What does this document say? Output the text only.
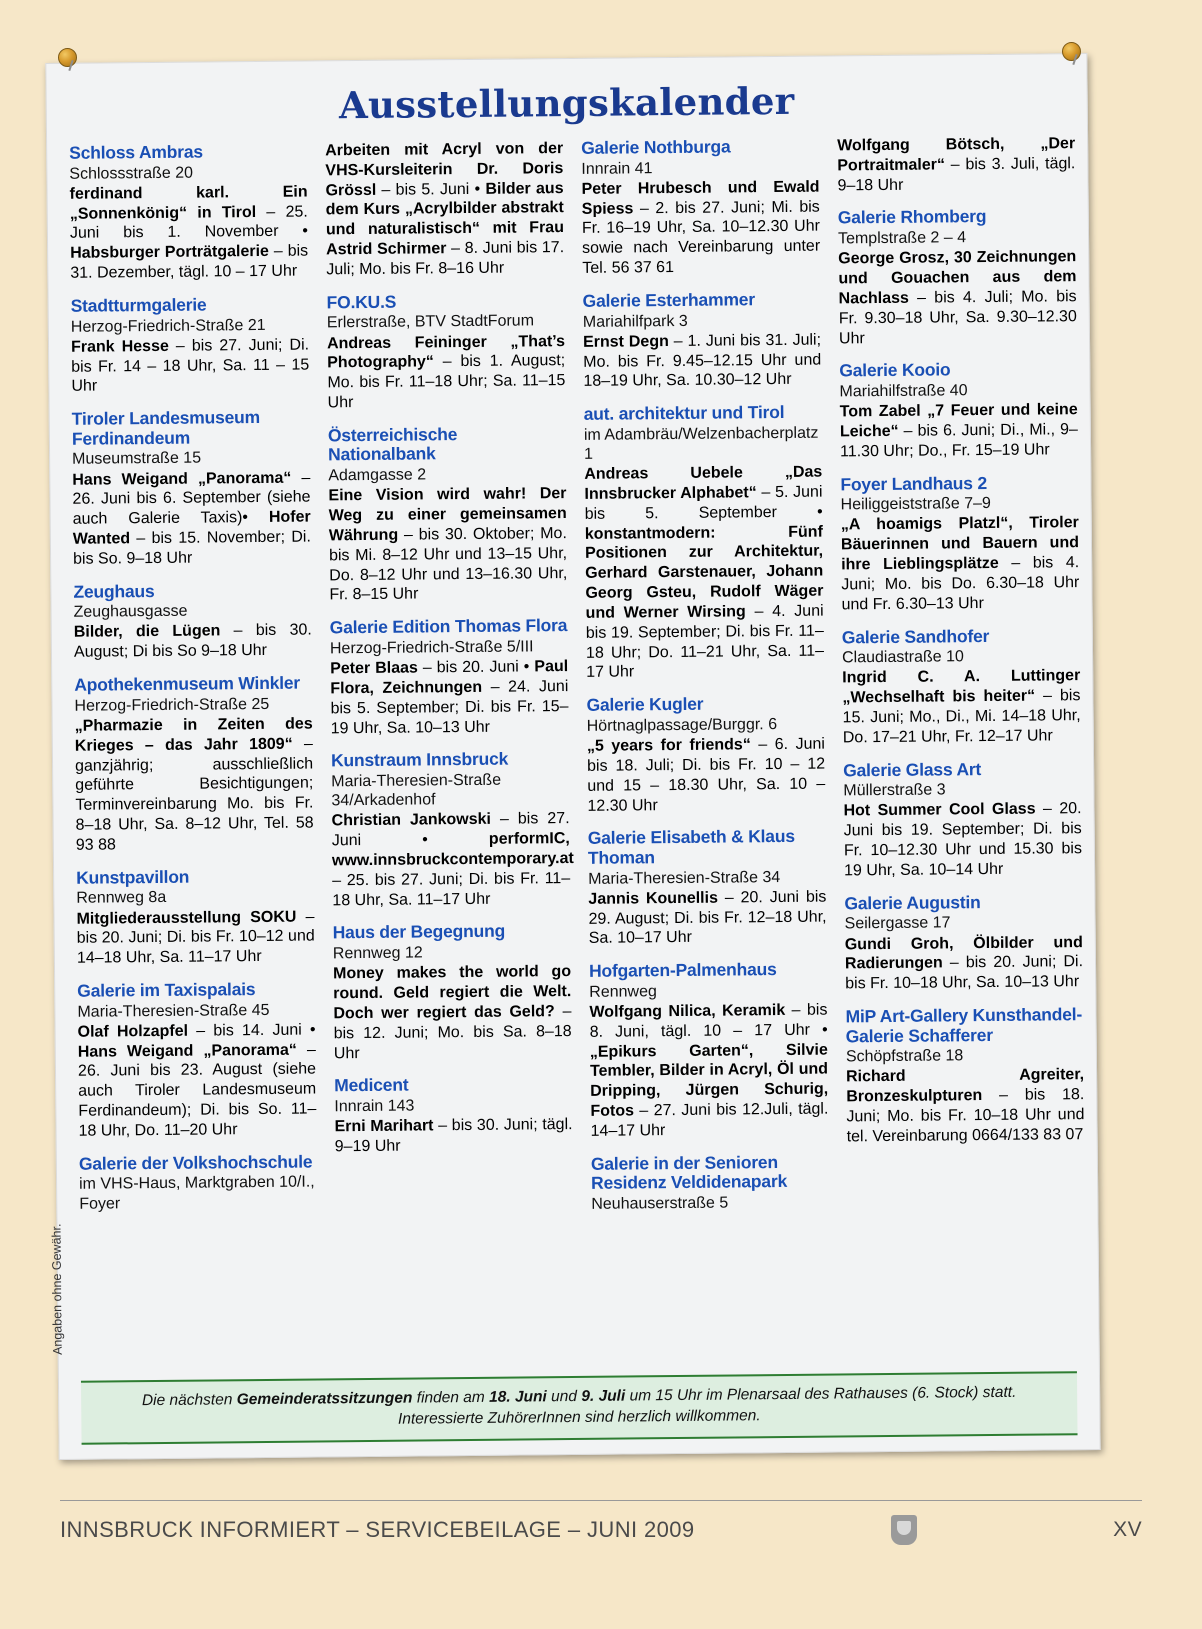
Ausstellungskalender
Schloss Ambras
Schlossstraße 20
ferdinand karl. Ein „Sonnenkönig“ in Tirol – 25. Juni bis 1. November • Habsburger Porträtgalerie – bis 31. Dezember, tägl. 10 – 17 Uhr
Stadtturmgalerie
Herzog-Friedrich-Straße 21
Frank Hesse – bis 27. Juni; Di. bis Fr. 14 – 18 Uhr, Sa. 11 – 15 Uhr
Tiroler Landesmuseum Ferdinandeum
Museumstraße 15
Hans Weigand „Panorama“ – 26. Juni bis 6. September (siehe auch Galerie Taxis)• Hofer Wanted – bis 15. November; Di. bis So. 9–18 Uhr
Zeughaus
Zeughausgasse
Bilder, die Lügen – bis 30. August; Di bis So 9–18 Uhr
Apothekenmuseum Winkler
Herzog-Friedrich-Straße 25
„Pharmazie in Zeiten des Krieges – das Jahr 1809“ – ganzjährig; ausschließlich geführte Besichtigungen; Terminvereinbarung Mo. bis Fr. 8–18 Uhr, Sa. 8–12 Uhr, Tel. 58 93 88
Kunstpavillon
Rennweg 8a
Mitgliederausstellung SOKU – bis 20. Juni; Di. bis Fr. 10–12 und 14–18 Uhr, Sa. 11–17 Uhr
Galerie im Taxispalais
Maria-Theresien-Straße 45
Olaf Holzapfel – bis 14. Juni • Hans Weigand „Panorama“ – 26. Juni bis 23. August (siehe auch Tiroler Landesmuseum Ferdinandeum); Di. bis So. 11–18 Uhr, Do. 11–20 Uhr
Galerie der Volkshochschule
im VHS-Haus, Marktgraben 10/I., Foyer
Arbeiten mit Acryl von der VHS-Kursleiterin Dr. Doris Grössl – bis 5. Juni • Bilder aus dem Kurs „Acrylbilder abstrakt und naturalistisch“ mit Frau Astrid Schirmer – 8. Juni bis 17. Juli; Mo. bis Fr. 8–16 Uhr
FO.KU.S
Erlerstraße, BTV StadtForum
Andreas Feininger „That’s Photography“ – bis 1. August; Mo. bis Fr. 11–18 Uhr; Sa. 11–15 Uhr
Österreichische Nationalbank
Adamgasse 2
Eine Vision wird wahr! Der Weg zu einer gemeinsamen Währung – bis 30. Oktober; Mo. bis Mi. 8–12 Uhr und 13–15 Uhr, Do. 8–12 Uhr und 13–16.30 Uhr, Fr. 8–15 Uhr
Galerie Edition Thomas Flora
Herzog-Friedrich-Straße 5/III
Peter Blaas – bis 20. Juni • Paul Flora, Zeichnungen – 24. Juni bis 5. September; Di. bis Fr. 15–19 Uhr, Sa. 10–13 Uhr
Kunstraum Innsbruck
Maria-Theresien-Straße 34/Arkadenhof
Christian Jankowski – bis 27. Juni • performIC, www.innsbruckcontemporary.at – 25. bis 27. Juni; Di. bis Fr. 11–18 Uhr, Sa. 11–17 Uhr
Haus der Begegnung
Rennweg 12
Money makes the world go round. Geld regiert die Welt. Doch wer regiert das Geld? – bis 12. Juni; Mo. bis Sa. 8–18 Uhr
Medicent
Innrain 143
Erni Marihart – bis 30. Juni; tägl. 9–19 Uhr
Galerie Nothburga
Innrain 41
Peter Hrubesch und Ewald Spiess – 2. bis 27. Juni; Mi. bis Fr. 16–19 Uhr, Sa. 10–12.30 Uhr sowie nach Vereinbarung unter Tel. 56 37 61
Galerie Esterhammer
Mariahilfpark 3
Ernst Degn – 1. Juni bis 31. Juli; Mo. bis Fr. 9.45–12.15 Uhr und 18–19 Uhr, Sa. 10.30–12 Uhr
aut. architektur und Tirol
im Adambräu/Welzenbacherplatz 1
Andreas Uebele „Das Innsbrucker Alphabet“ – 5. Juni bis 5. September • konstantmodern: Fünf Positionen zur Architektur, Gerhard Garstenauer, Johann Georg Gsteu, Rudolf Wäger und Werner Wirsing – 4. Juni bis 19. September; Di. bis Fr. 11–18 Uhr; Do. 11–21 Uhr, Sa. 11–17 Uhr
Galerie Kugler
Hörtnaglpassage/Burggr. 6
„5 years for friends“ – 6. Juni bis 18. Juli; Di. bis Fr. 10 – 12 und 15 – 18.30 Uhr, Sa. 10 – 12.30 Uhr
Galerie Elisabeth & Klaus Thoman
Maria-Theresien-Straße 34
Jannis Kounellis – 20. Juni bis 29. August; Di. bis Fr. 12–18 Uhr, Sa. 10–17 Uhr
Hofgarten-Palmenhaus
Rennweg
Wolfgang Nilica, Keramik – bis 8. Juni, tägl. 10 – 17 Uhr • „Epikurs Garten“, Silvie Tembler, Bilder in Acryl, Öl und Dripping, Jürgen Schurig, Fotos – 27. Juni bis 12.Juli, tägl. 14–17 Uhr
Galerie in der Senioren Residenz Veldidenapark
Neuhauserstraße 5
Wolfgang Bötsch, „Der Portraitmaler“ – bis 3. Juli, tägl. 9–18 Uhr
Galerie Rhomberg
Templstraße 2 – 4
George Grosz, 30 Zeichnungen und Gouachen aus dem Nachlass – bis 4. Juli; Mo. bis Fr. 9.30–18 Uhr, Sa. 9.30–12.30 Uhr
Galerie Kooio
Mariahilfstraße 40
Tom Zabel „7 Feuer und keine Leiche“ – bis 6. Juni; Di., Mi., 9–11.30 Uhr; Do., Fr. 15–19 Uhr
Foyer Landhaus 2
Heiliggeiststraße 7–9
„A hoamigs Platzl“, Tiroler Bäuerinnen und Bauern und ihre Lieblingsplätze – bis 4. Juni; Mo. bis Do. 6.30–18 Uhr und Fr. 6.30–13 Uhr
Galerie Sandhofer
Claudiastraße 10
Ingrid C. A. Luttinger „Wechselhaft bis heiter“ – bis 15. Juni; Mo., Di., Mi. 14–18 Uhr, Do. 17–21 Uhr, Fr. 12–17 Uhr
Galerie Glass Art
Müllerstraße 3
Hot Summer Cool Glass – 20. Juni bis 19. September; Di. bis Fr. 10–12.30 Uhr und 15.30 bis 19 Uhr, Sa. 10–14 Uhr
Galerie Augustin
Seilergasse 17
Gundi Groh, Ölbilder und Radierungen – bis 20. Juni; Di. bis Fr. 10–18 Uhr, Sa. 10–13 Uhr
MiP Art-Gallery Kunsthandel-Galerie Schafferer
Schöpfstraße 18
Richard Agreiter, Bronzeskulpturen – bis 18. Juni; Mo. bis Fr. 10–18 Uhr und tel. Vereinbarung 0664/133 83 07
Angaben ohne Gewähr.
Die nächsten Gemeinderatssitzungen finden am 18. Juni und 9. Juli um 15 Uhr im Plenarsaal des Rathauses (6. Stock) statt.
Interessierte ZuhörerInnen sind herzlich willkommen.
INNSBRUCK INFORMIERT – SERVICEBEILAGE – JUNI 2009	XV
